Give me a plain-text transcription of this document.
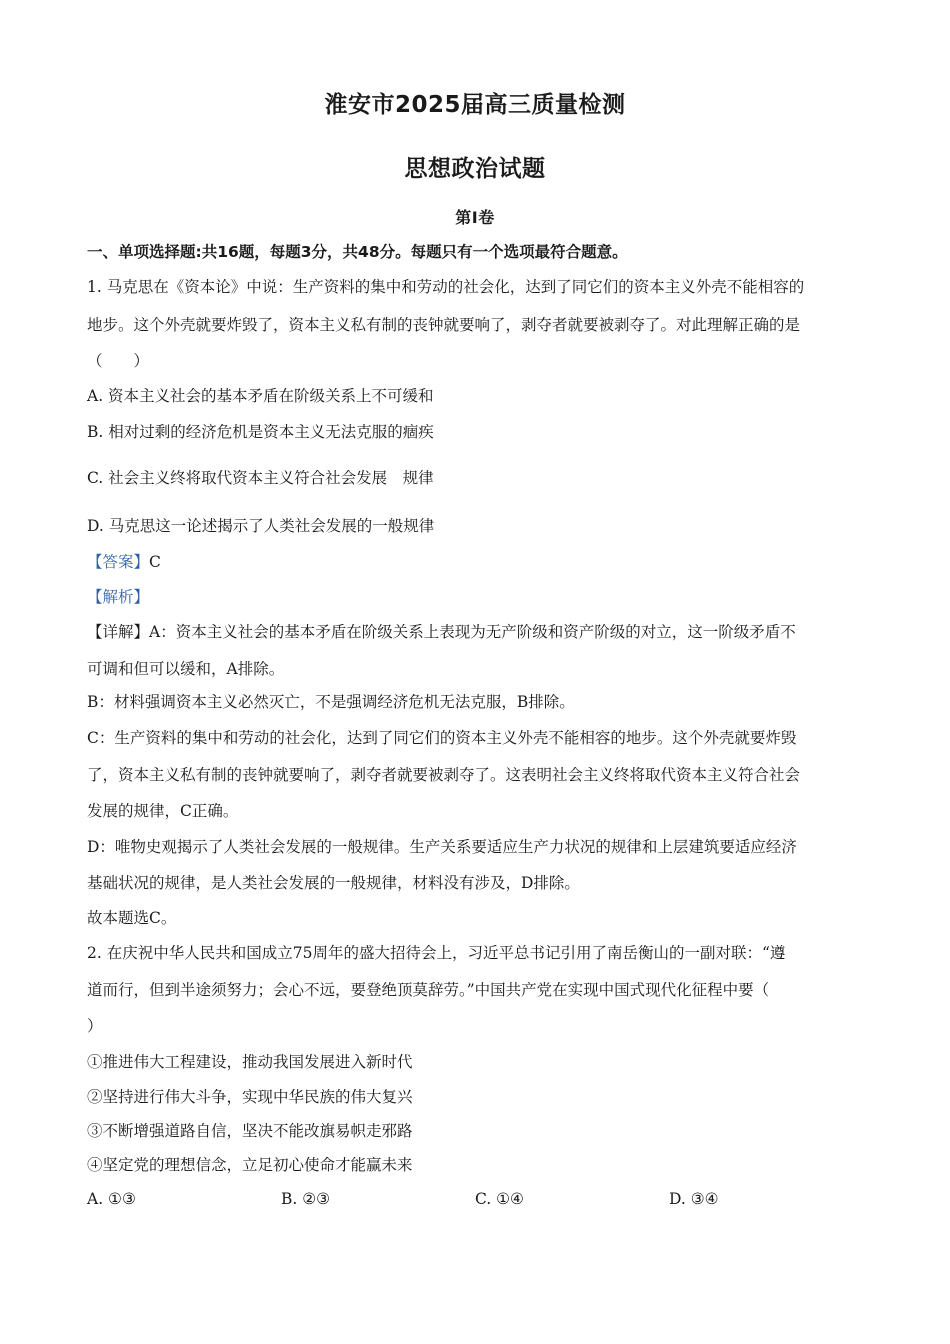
淮安市2025届高三质量检测
思想政治试题
第Ⅰ卷
一、单项选择题:共16题，每题3分，共48分。每题只有一个选项最符合题意。
1. 马克思在《资本论》中说：生产资料的集中和劳动的社会化，达到了同它们的资本主义外壳不能相容的
地步。这个外壳就要炸毁了，资本主义私有制的丧钟就要响了，剥夺者就要被剥夺了。对此理解正确的是
（　　）
A. 资本主义社会的基本矛盾在阶级关系上不可缓和
B. 相对过剩的经济危机是资本主义无法克服的痼疾
C. 社会主义终将取代资本主义符合社会发展　规律
D. 马克思这一论述揭示了人类社会发展的一般规律
【答案】C
【解析】
【详解】A：资本主义社会的基本矛盾在阶级关系上表现为无产阶级和资产阶级的对立，这一阶级矛盾不
可调和但可以缓和，A排除。
B：材料强调资本主义必然灭亡，不是强调经济危机无法克服，B排除。
C：生产资料的集中和劳动的社会化，达到了同它们的资本主义外壳不能相容的地步。这个外壳就要炸毁
了，资本主义私有制的丧钟就要响了，剥夺者就要被剥夺了。这表明社会主义终将取代资本主义符合社会
发展的规律，C正确。
D：唯物史观揭示了人类社会发展的一般规律。生产关系要适应生产力状况的规律和上层建筑要适应经济
基础状况的规律，是人类社会发展的一般规律，材料没有涉及，D排除。
故本题选C。
2. 在庆祝中华人民共和国成立75周年的盛大招待会上，习近平总书记引用了南岳衡山的一副对联：“遵
道而行，但到半途须努力；会心不远，要登绝顶莫辞劳。”中国共产党在实现中国式现代化征程中要（
）
①推进伟大工程建设，推动我国发展进入新时代
②坚持进行伟大斗争，实现中华民族的伟大复兴
③不断增强道路自信，坚决不能改旗易帜走邪路
④坚定党的理想信念，立足初心使命才能赢未来
A. ①③	B. ②③	C. ①④	D. ③④
